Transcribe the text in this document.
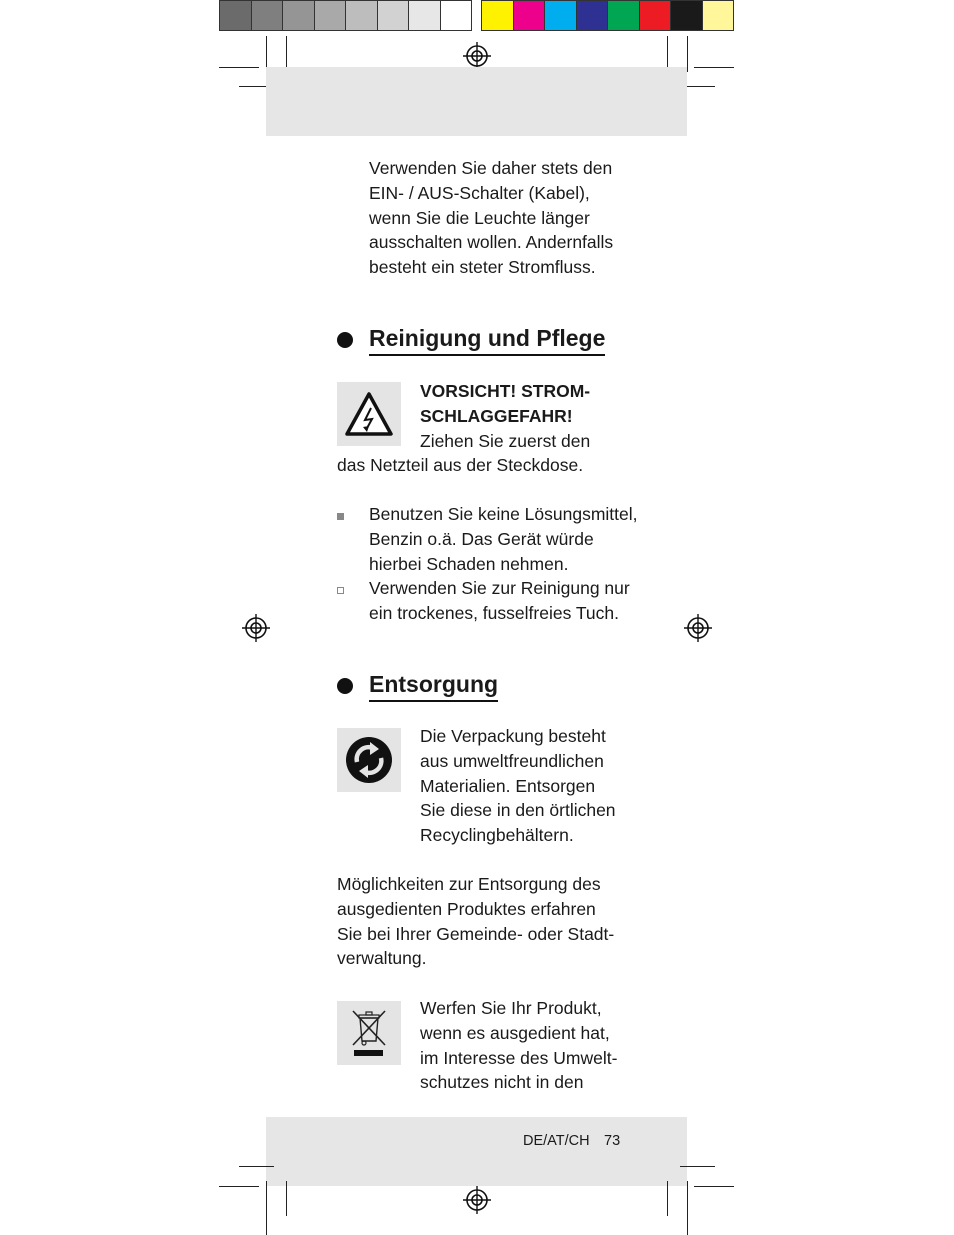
Verwenden Sie daher stets den
EIN- / AUS-Schalter (Kabel),
wenn Sie die Leuchte länger
ausschalten wollen. Andernfalls
besteht ein steter Stromfluss.
Reinigung und Pflege
VORSICHT! STROM-
SCHLAGGEFAHR!
Ziehen Sie zuerst den
das Netzteil aus der Steckdose.
Benutzen Sie keine Lösungsmittel,
Benzin o.ä. Das Gerät würde
hierbei Schaden nehmen.
Verwenden Sie zur Reinigung nur
ein trockenes, fusselfreies Tuch.
Entsorgung
Die Verpackung besteht
aus umweltfreundlichen
Materialien. Entsorgen
Sie diese in den örtlichen
Recyclingbehältern.
Möglichkeiten zur Entsorgung des
ausgedienten Produktes erfahren
Sie bei Ihrer Gemeinde- oder Stadt-
verwaltung.
Werfen Sie Ihr Produkt,
wenn es ausgedient hat,
im Interesse des Umwelt-
schutzes nicht in den
DE/AT/CH 73
